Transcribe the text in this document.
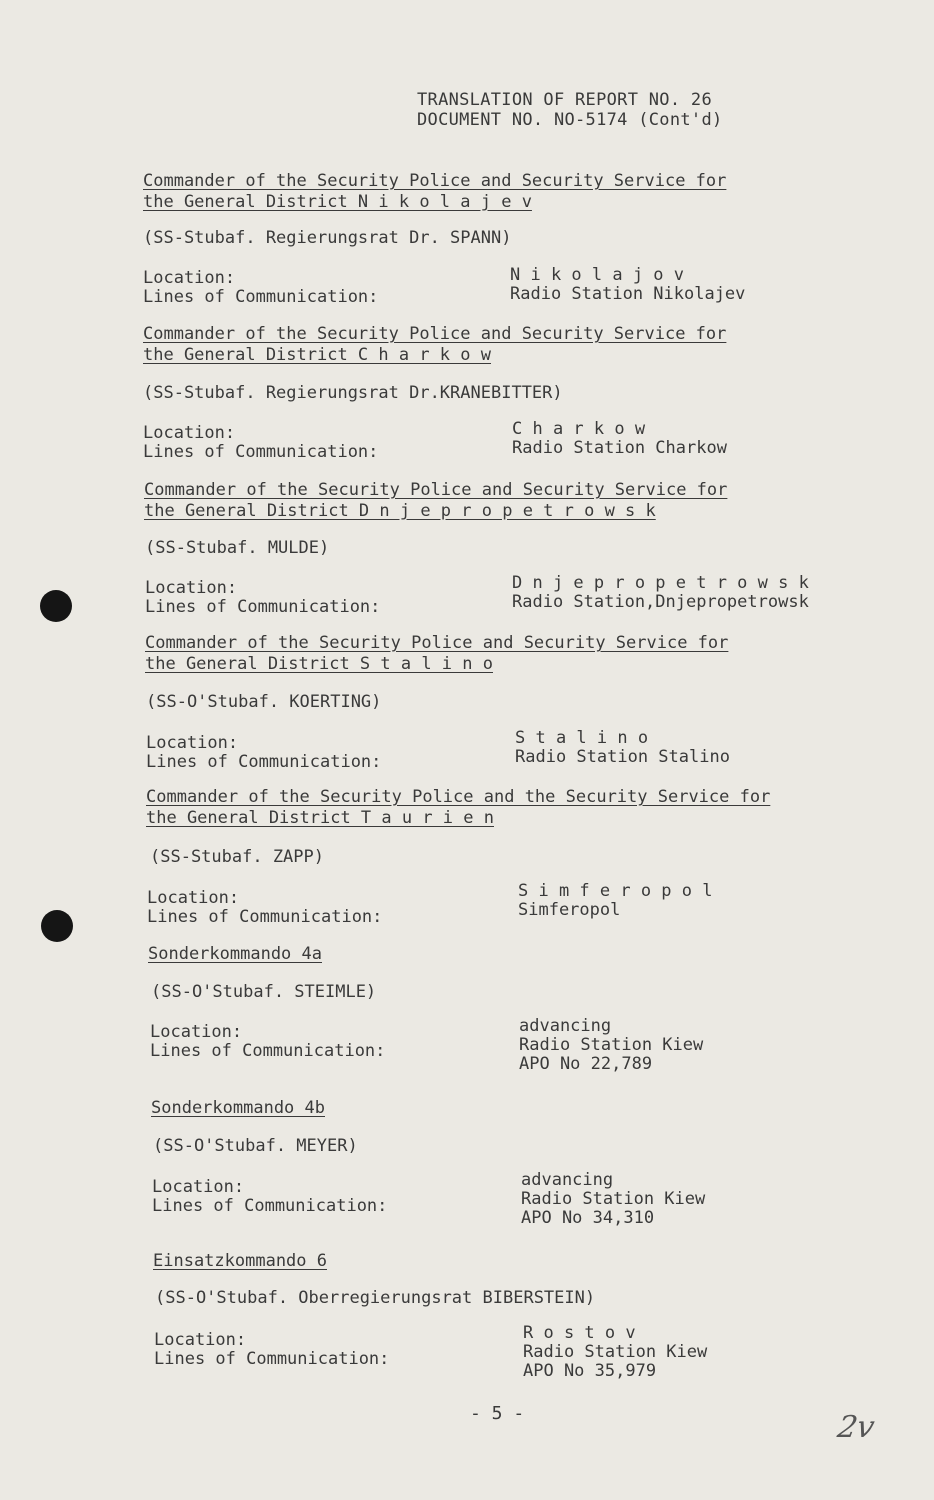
TRANSLATION OF REPORT NO. 26
DOCUMENT NO. NO-5174 (Cont'd)
Commander of the Security Police and Security Service for
the General District N i k o l a j e v
(SS-Stubaf. Regierungsrat Dr. SPANN)
Location:
Lines of Communication:
N i k o l a j o v
Radio Station Nikolajev
Commander of the Security Police and Security Service for
the General District C h a r k o w
(SS-Stubaf. Regierungsrat Dr.KRANEBITTER)
Location:
Lines of Communication:
C h a r k o w
Radio Station Charkow
Commander of the Security Police and Security Service for
the General District D n j e p r o p e t r o w s k
(SS-Stubaf. MULDE)
Location:
Lines of Communication:
D n j e p r o p e t r o w s k
Radio Station,Dnjepropetrowsk
Commander of the Security Police and Security Service for
the General District S t a l i n o
(SS-O'Stubaf. KOERTING)
Location:
Lines of Communication:
S t a l i n o
Radio Station Stalino
Commander of the Security Police and the Security Service for
the General District T a u r i e n
(SS-Stubaf. ZAPP)
Location:
Lines of Communication:
S i m f e r o p o l
Simferopol
Sonderkommando 4a
(SS-O'Stubaf. STEIMLE)
Location:
Lines of Communication:
advancing
Radio Station Kiew
APO No 22,789
Sonderkommando 4b
(SS-O'Stubaf. MEYER)
Location:
Lines of Communication:
advancing
Radio Station Kiew
APO No 34,310
Einsatzkommando 6
(SS-O'Stubaf. Oberregierungsrat BIBERSTEIN)
Location:
Lines of Communication:
R o s t o v
Radio Station Kiew
APO No 35,979
- 5 -	2v
